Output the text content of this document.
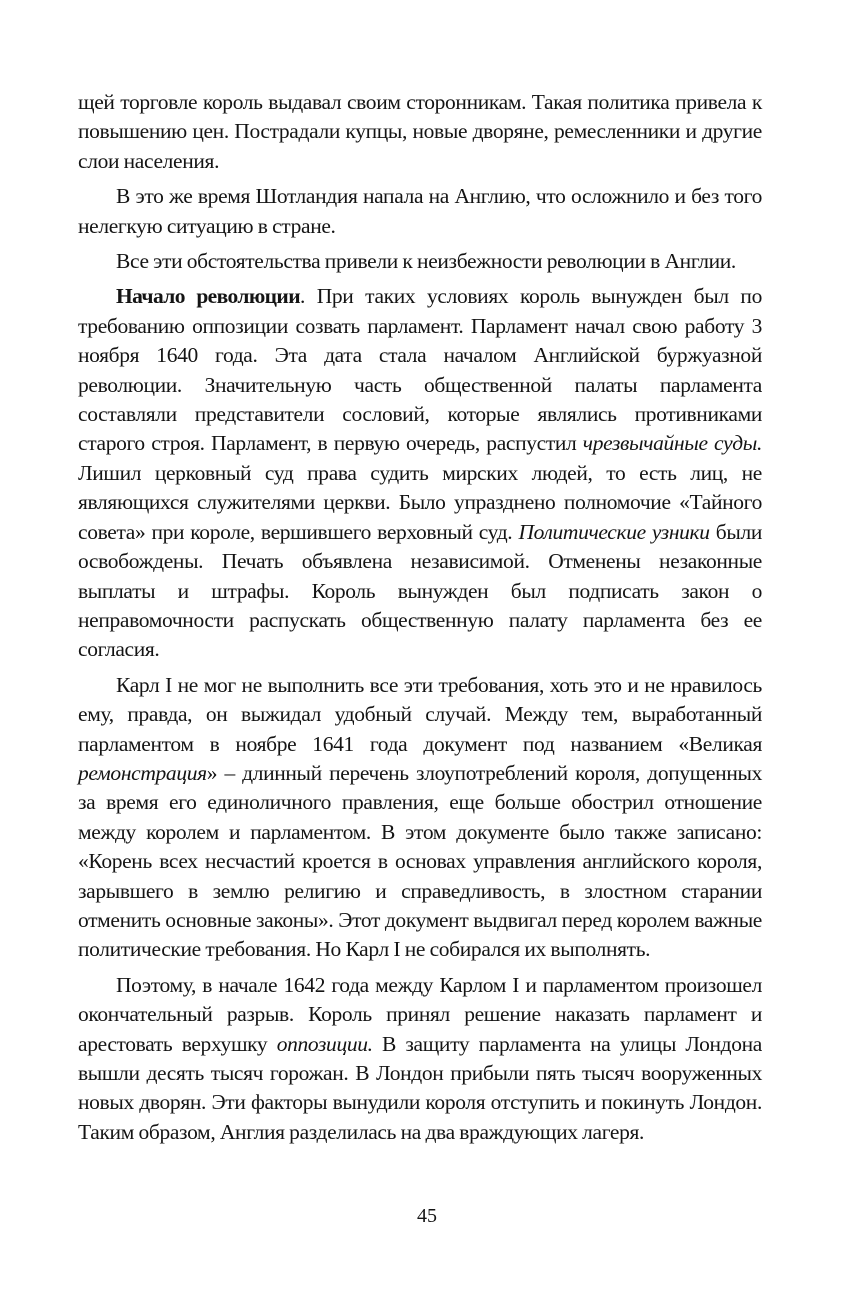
щей торговле король выдавал своим сторонникам. Такая политика привела к повышению цен. Пострадали купцы, новые дворяне, ремесленники и другие слои населения.

В это же время Шотландия напала на Англию, что осложнило и без того нелегкую ситуацию в стране.

Все эти обстоятельства привели к неизбежности революции в Англии.

Начало революции. При таких условиях король вынужден был по требованию оппозиции созвать парламент. Парламент начал свою работу 3 ноября 1640 года. Эта дата стала началом Английской буржуазной революции. Значительную часть общественной палаты парламента составляли представители сословий, которые являлись противниками старого строя. Парламент, в первую очередь, распустил чрезвычайные суды. Лишил церковный суд права судить мирских людей, то есть лиц, не являющихся служителями церкви. Было упразднено полномочие «Тайного совета» при короле, вершившего верховный суд. Политические узники были освобождены. Печать объявлена независимой. Отменены незаконные выплаты и штрафы. Король вынужден был подписать закон о неправомочности распускать общественную палату парламента без ее согласия.

Карл I не мог не выполнить все эти требования, хоть это и не нравилось ему, правда, он выжидал удобный случай. Между тем, выработанный парламентом в ноябре 1641 года документ под названием «Великая ремонстрация» – длинный перечень злоупотреблений короля, допущенных за время его единоличного правления, еще больше обострил отношение между королем и парламентом. В этом документе было также записано: «Корень всех несчастий кроется в основах управления английского короля, зарывшего в землю религию и справедливость, в злостном старании отменить основные законы». Этот документ выдвигал перед королем важные политические требования. Но Карл I не собирался их выполнять.

Поэтому, в начале 1642 года между Карлом I и парламентом произошел окончательный разрыв. Король принял решение наказать парламент и арестовать верхушку оппозиции. В защиту парламента на улицы Лондона вышли десять тысяч горожан. В Лондон прибыли пять тысяч вооруженных новых дворян. Эти факторы вынудили короля отступить и покинуть Лондон. Таким образом, Англия разделилась на два враждующих лагеря.

45
